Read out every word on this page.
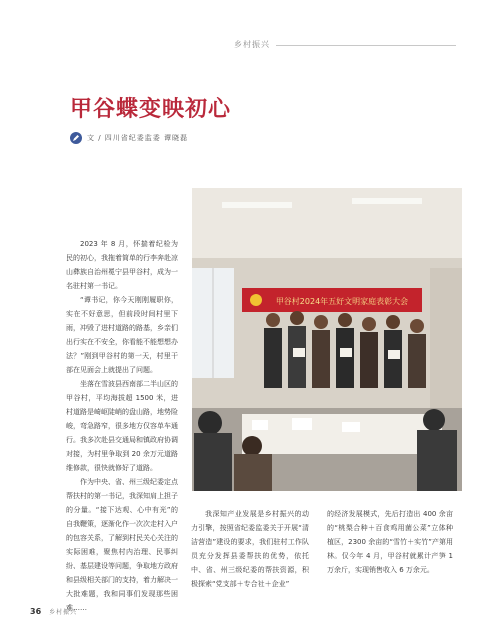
乡村振兴
甲谷蝶变映初心
文 / 四川省纪委监委 谭晓磊
甲谷村2024年五好文明家庭表彰大会

2023 年 8 月，怀揣着纪检为民的初心，我拖着简单的行李奔赴凉山彝族自治州冕宁县甲谷村，成为一名驻村第一书记。

“谭书记，你今天刚刚履职你，实在不好意思，但前段时间村里下雨，冲毁了进村道路的路基，乡亲们出行实在不安全，你看能不能想想办法？”刚到甲谷村的第一天，村里干部在见面会上就提出了问题。

坐落在雪波县西南部二半山区的甲谷村，平均海拔超 1500 米，进村道路是崎岖陡峭的盘山路，地势险峻，弯急路窄，很多地方仅容单车通行。我多次赴县交通局和镇政府协调对接，为村里争取到 20 余万元道路维修款，很快就修好了道路。

作为中央、省、州三级纪委定点帮扶村的第一书记，我深知肩上担子的分量。“接下达观、心中有光”的自我鞭策，逐渐化作一次次走村入户的包容关系，了解到村民关心关注的实际困难，聚焦村内治理、民事纠纷、基层建设等问题，争取地方政府和县级相关部门的支持，着力解决一大批难题，我和同事们发现那些困难……

我深知产业发展是乡村振兴的动力引擎，按照省纪委监委关于开展“清洁营造”建设的要求，我们驻村工作队员充分发挥县委帮扶的优势，依托中、省、州三级纪委的帮扶资源，积极探索“党支部＋专合社＋企业”

的经济发展模式，先后打造出 400 余亩的“桃梨合种＋百食鸡用菌公菜”立体种植区，2300 余亩的“雪竹＋实竹”产第用林。仅今年 4 月，甲谷村就累计产笋 1 万余斤，实现销售收入 6 万余元。

36 乡村振兴
